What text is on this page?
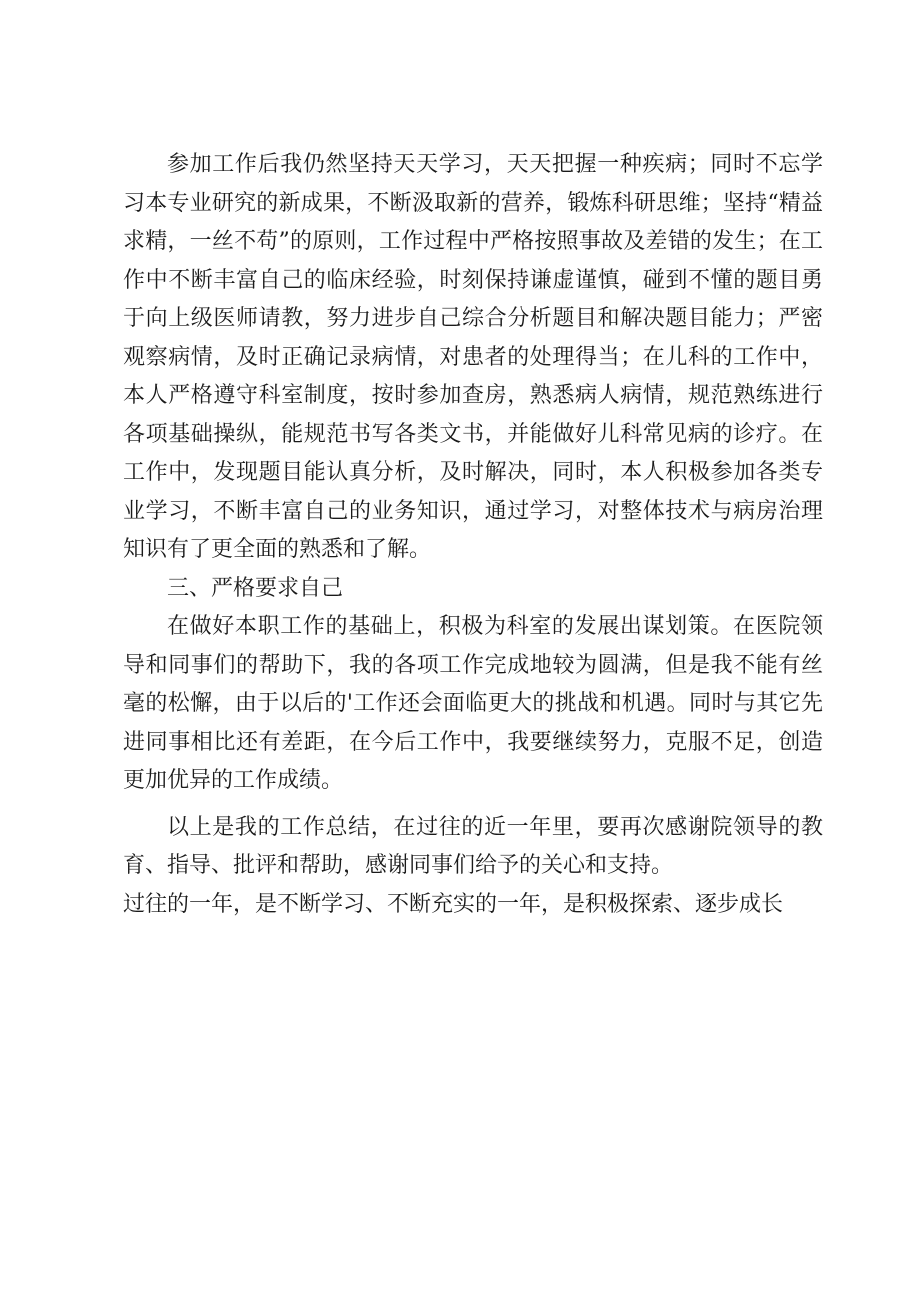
参加工作后我仍然坚持天天学习，天天把握一种疾病；同时不忘学习本专业研究的新成果，不断汲取新的营养，锻炼科研思维；坚持“精益求精，一丝不苟”的原则，工作过程中严格按照事故及差错的发生；在工作中不断丰富自己的临床经验，时刻保持谦虚谨慎，碰到不懂的题目勇于向上级医师请教，努力进步自己综合分析题目和解决题目能力；严密观察病情，及时正确记录病情，对患者的处理得当；在儿科的工作中，本人严格遵守科室制度，按时参加查房，熟悉病人病情，规范熟练进行各项基础操纵，能规范书写各类文书，并能做好儿科常见病的诊疗。在工作中，发现题目能认真分析，及时解决，同时，本人积极参加各类专业学习，不断丰富自己的业务知识，通过学习，对整体技术与病房治理知识有了更全面的熟悉和了解。

三、严格要求自己

在做好本职工作的基础上，积极为科室的发展出谋划策。在医院领导和同事们的帮助下，我的各项工作完成地较为圆满，但是我不能有丝毫的松懈，由于以后的'工作还会面临更大的挑战和机遇。同时与其它先进同事相比还有差距，在今后工作中，我要继续努力，克服不足，创造更加优异的工作成绩。

以上是我的工作总结，在过往的近一年里，要再次感谢院领导的教育、指导、批评和帮助，感谢同事们给予的关心和支持。

过往的一年，是不断学习、不断充实的一年，是积极探索、逐步成长
